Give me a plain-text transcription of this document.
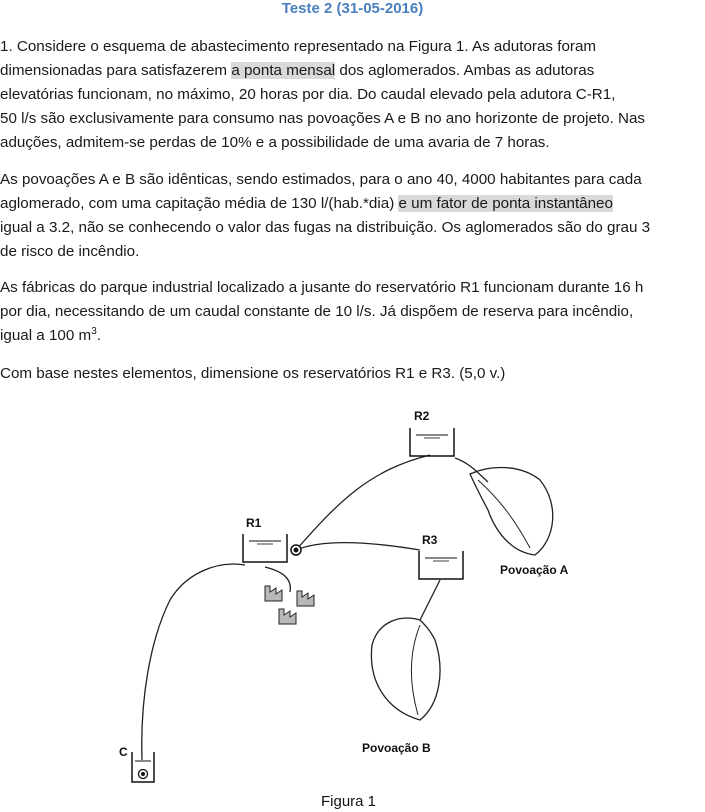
Teste 2 (31-05-2016)
1. Considere o esquema de abastecimento representado na Figura 1. As adutoras foram
dimensionadas para satisfazerem a ponta mensal dos aglomerados. Ambas as adutoras
elevatórias funcionam, no máximo, 20 horas por dia. Do caudal elevado pela adutora C-R1,
50 l/s são exclusivamente para consumo nas povoações A e B no ano horizonte de projeto. Nas
aduções, admitem-se perdas de 10% e a possibilidade de uma avaria de 7 horas.
As povoações A e B são idênticas, sendo estimados, para o ano 40, 4000 habitantes para cada
aglomerado, com uma capitação média de 130 l/(hab.*dia) e um fator de ponta instantâneo
igual a 3.2, não se conhecendo o valor das fugas na distribuição. Os aglomerados são do grau 3
de risco de incêndio.
As fábricas do parque industrial localizado a jusante do reservatório R1 funcionam durante 16 h
por dia, necessitando de um caudal constante de 10 l/s. Já dispõem de reserva para incêndio,
igual a 100 $m^3$.
Com base nestes elementos, dimensione os reservatórios R1 e R3. (5,0 v.)
R2
R1
R3
C
Povoação A
Povoação B
Figura 1
